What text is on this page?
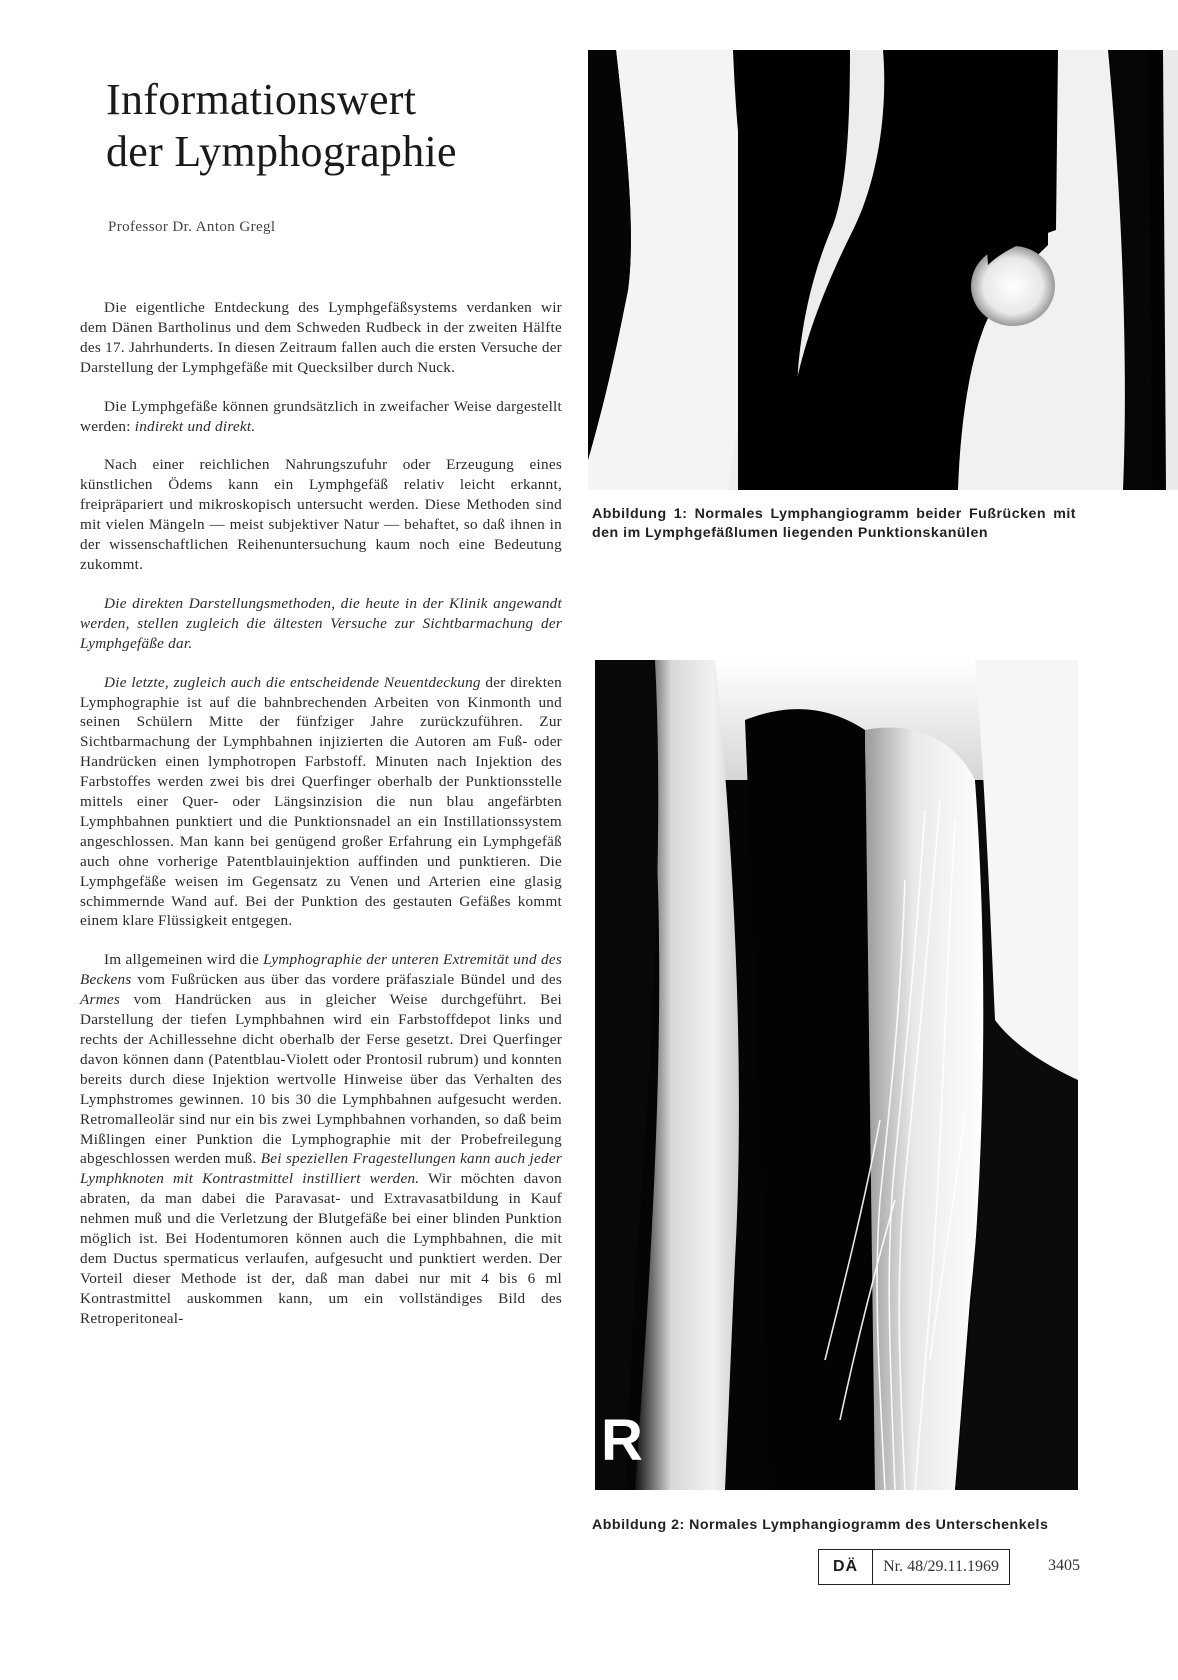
Informationswert
der Lymphographie
Professor Dr. Anton Gregl

Die eigentliche Entdeckung des Lymphgefäßsystems verdanken wir dem Dänen Bartholinus und dem Schweden Rudbeck in der zweiten Hälfte des 17. Jahrhunderts. In diesen Zeitraum fallen auch die ersten Versuche der Darstellung der Lymphgefäße mit Quecksilber durch Nuck.

Die Lymphgefäße können grundsätzlich in zweifacher Weise dargestellt werden: indirekt und direkt.

Nach einer reichlichen Nahrungszufuhr oder Erzeugung eines künstlichen Ödems kann ein Lymphgefäß relativ leicht erkannt, freipräpariert und mikroskopisch untersucht werden. Diese Methoden sind mit vielen Mängeln — meist subjektiver Natur — behaftet, so daß ihnen in der wissenschaftlichen Reihenuntersuchung kaum noch eine Bedeutung zukommt.

Die direkten Darstellungsmethoden, die heute in der Klinik angewandt werden, stellen zugleich die ältesten Versuche zur Sichtbarmachung der Lymphgefäße dar.

Die letzte, zugleich auch die entscheidende Neuentdeckung der direkten Lymphographie ist auf die bahnbrechenden Arbeiten von Kinmonth und seinen Schülern Mitte der fünfziger Jahre zurückzuführen. Zur Sichtbarmachung der Lymphbahnen injizierten die Autoren am Fuß- oder Handrücken einen lymphotropen Farbstoff. Minuten nach Injektion des Farbstoffes werden zwei bis drei Querfinger oberhalb der Punktionsstelle mittels einer Quer- oder Längsinzision die nun blau angefärbten Lymphbahnen punktiert und die Punktionsnadel an ein Instillationssystem angeschlossen. Man kann bei genügend großer Erfahrung ein Lymphgefäß auch ohne vorherige Patentblauinjektion auffinden und punktieren. Die Lymphgefäße weisen im Gegensatz zu Venen und Arterien eine glasig schimmernde Wand auf. Bei der Punktion des gestauten Gefäßes kommt einem klare Flüssigkeit entgegen.

Im allgemeinen wird die Lymphographie der unteren Extremität und des Beckens vom Fußrücken aus über das vordere präfasziale Bündel und des Armes vom Handrücken aus in gleicher Weise durchgeführt. Bei Darstellung der tiefen Lymphbahnen wird ein Farbstoffdepot links und rechts der Achillessehne dicht oberhalb der Ferse gesetzt. Drei Querfinger davon können dann (Patentblau-Violett oder Prontosil rubrum) und konnten bereits durch diese Injektion wertvolle Hinweise über das Verhalten des Lymphstromes gewinnen. 10 bis 30 die Lymphbahnen aufgesucht werden. Retromalleolär sind nur ein bis zwei Lymphbahnen vorhanden, so daß beim Mißlingen einer Punktion die Lymphographie mit der Probefreilegung abgeschlossen werden muß. Bei speziellen Fragestellungen kann auch jeder Lymphknoten mit Kontrastmittel instilliert werden. Wir möchten davon abraten, da man dabei die Paravasat- und Extravasatbildung in Kauf nehmen muß und die Verletzung der Blutgefäße bei einer blinden Punktion möglich ist. Bei Hodentumoren können auch die Lymphbahnen, die mit dem Ductus spermaticus verlaufen, aufgesucht und punktiert werden. Der Vorteil dieser Methode ist der, daß man dabei nur mit 4 bis 6 ml Kontrastmittel auskommen kann, um ein vollständiges Bild des Retroperitoneal-

Abbildung 1: Normales Lymphangiogramm beider Fußrücken mit den im Lymphgefäßlumen liegenden Punktionskanülen
R
Abbildung 2: Normales Lymphangiogramm des Unterschenkels
DÄ	Nr. 48/29.11.1969	3405
